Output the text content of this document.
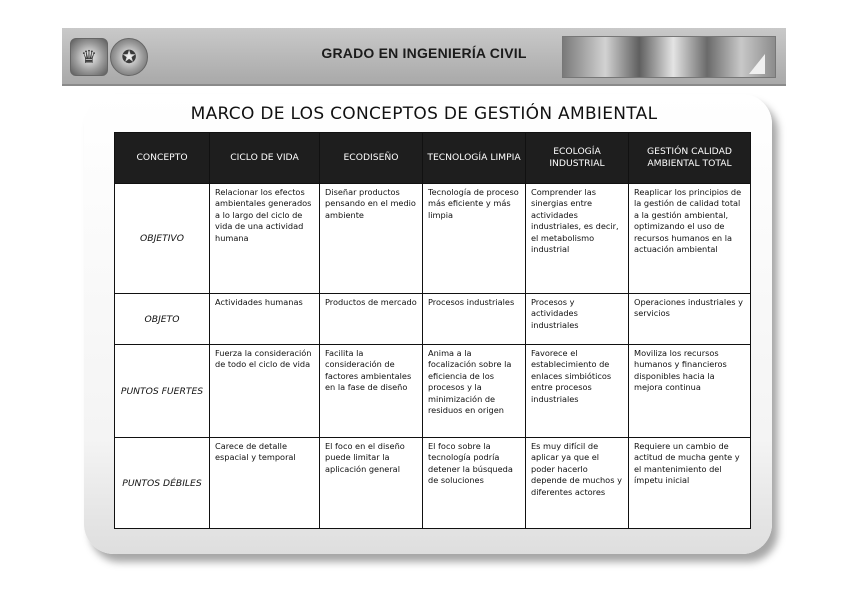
♛	✪	GRADO EN INGENIERÍA CIVIL
MARCO DE LOS CONCEPTOS DE GESTIÓN AMBIENTAL
CONCEPTO	CICLO DE VIDA	ECODISEÑO	TECNOLOGÍA LIMPIA	ECOLOGÍA INDUSTRIAL	GESTIÓN CALIDAD AMBIENTAL TOTAL
OBJETIVO	Relacionar los efectos ambientales generados a lo largo del ciclo de vida de una actividad humana	Diseñar productos pensando en el medio ambiente	Tecnología de proceso más eficiente y más limpia	Comprender las sinergias entre actividades industriales, es decir, el metabolismo industrial	Reaplicar los principios de la gestión de calidad total a la gestión ambiental, optimizando el uso de recursos humanos en la actuación ambiental
OBJETO	Actividades humanas	Productos de mercado	Procesos industriales	Procesos y actividades industriales	Operaciones industriales y servicios
PUNTOS FUERTES	Fuerza la consideración de todo el ciclo de vida	Facilita la consideración de factores ambientales en la fase de diseño	Anima a la focalización sobre la eficiencia de los procesos y la minimización de residuos en origen	Favorece el establecimiento de enlaces simbióticos entre procesos industriales	Moviliza los recursos humanos y financieros disponibles hacia la mejora continua
PUNTOS DÉBILES	Carece de detalle espacial y temporal	El foco en el diseño puede limitar la aplicación general	El foco sobre la tecnología podría detener la búsqueda de soluciones	Es muy difícil de aplicar ya que el poder hacerlo depende de muchos y diferentes actores	Requiere un cambio de actitud de mucha gente y el mantenimiento del ímpetu inicial
